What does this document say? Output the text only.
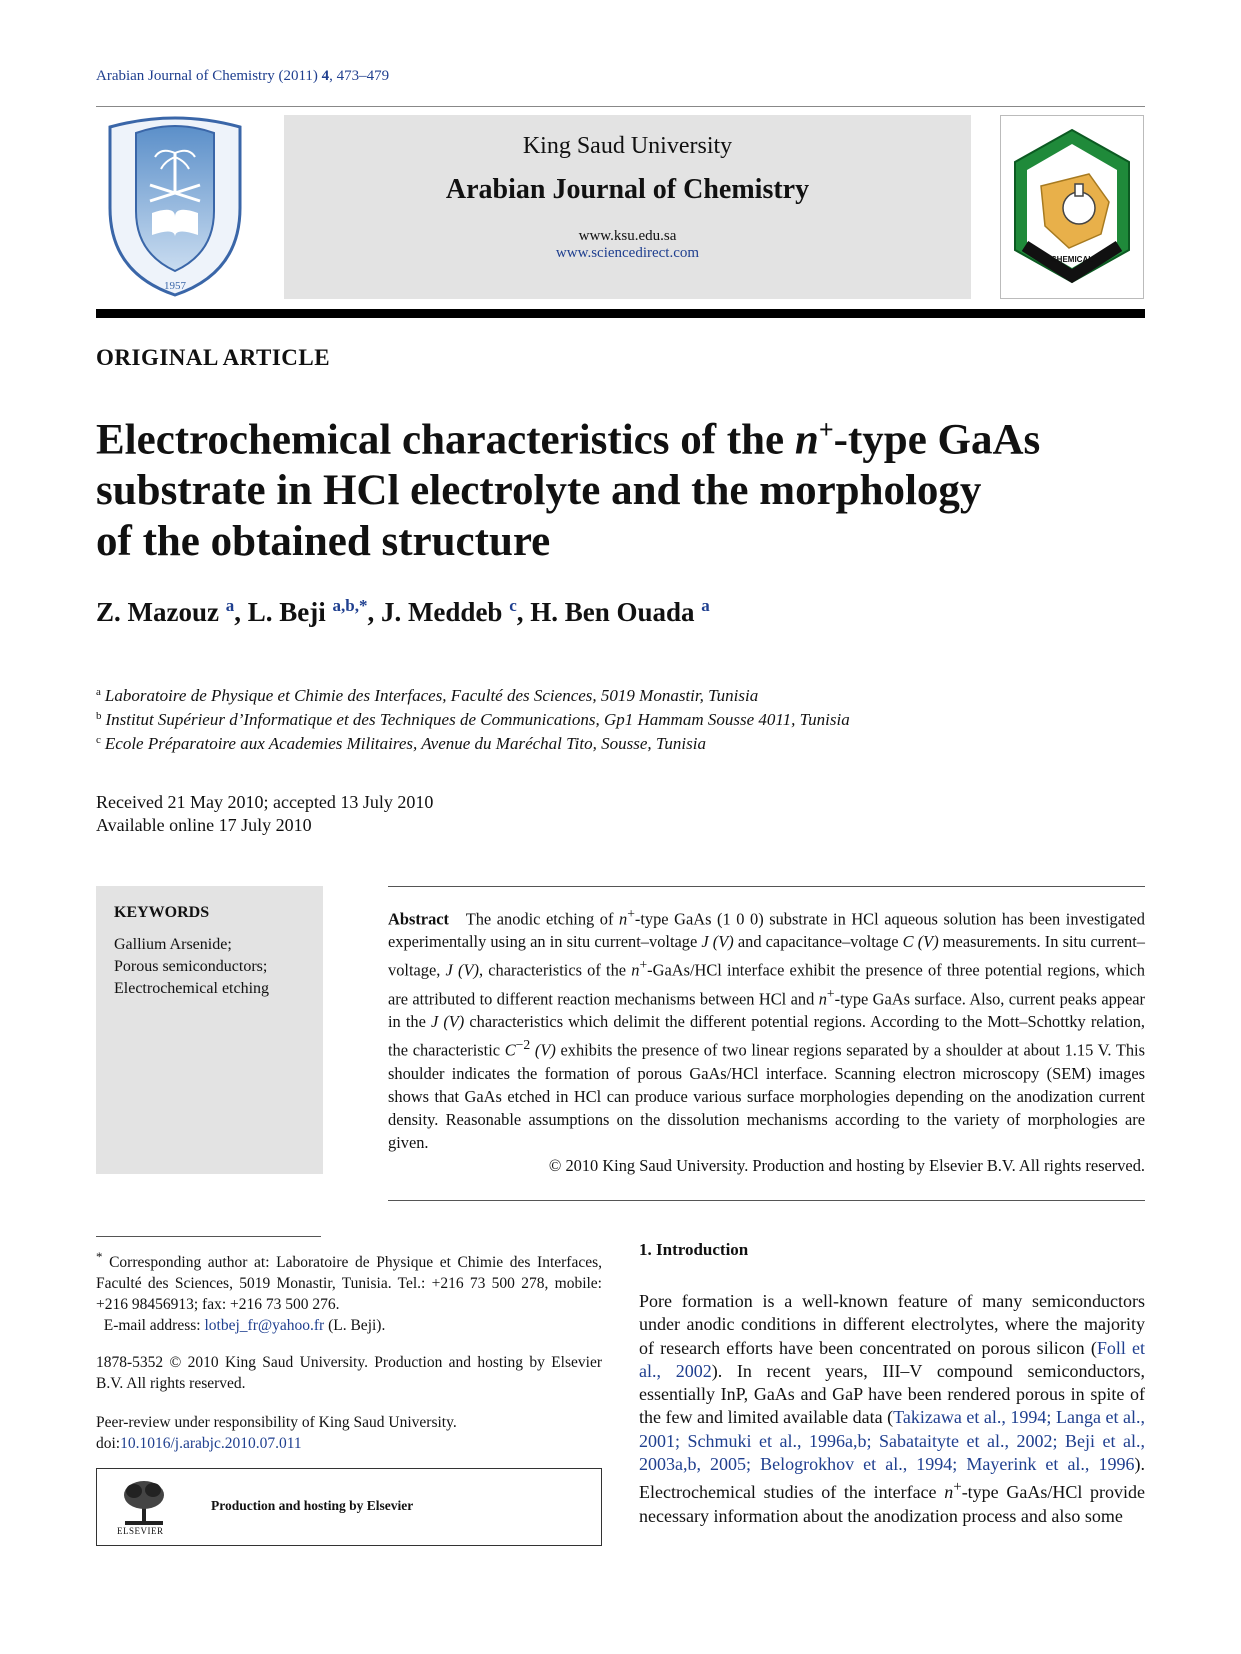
Arabian Journal of Chemistry (2011) 4, 473–479
1957
King Saud University
Arabian Journal of Chemistry
www.ksu.edu.sa
www.sciencedirect.com	CHEMICAL
ORIGINAL ARTICLE
Electrochemical characteristics of the n+-type GaAs
substrate in HCl electrolyte and the morphology
of the obtained structure
Z. Mazouz $^a$, L. Beji $^{a,b,*}$, J. Meddeb $^c$, H. Ben Ouada $^a$
$^a$ Laboratoire de Physique et Chimie des Interfaces, Faculté des Sciences, 5019 Monastir, Tunisia
$^b$ Institut Supérieur d’Informatique et des Techniques de Communications, Gp1 Hammam Sousse 4011, Tunisia
$^c$ Ecole Préparatoire aux Academies Militaires, Avenue du Maréchal Tito, Sousse, Tunisia
Received 21 May 2010; accepted 13 July 2010
Available online 17 July 2010
KEYWORDS
Gallium Arsenide;
Porous semiconductors;
Electrochemical etching
Abstract The anodic etching of n+-type GaAs (1 0 0) substrate in HCl aqueous solution has been investigated experimentally using an in situ current–voltage J (V) and capacitance–voltage C (V) measurements. In situ current–voltage, J (V), characteristics of the n+-GaAs/HCl interface exhibit the presence of three potential regions, which are attributed to different reaction mechanisms between HCl and n+-type GaAs surface. Also, current peaks appear in the J (V) characteristics which delimit the different potential regions. According to the Mott–Schottky relation, the characteristic $C^{-2}$ (V) exhibits the presence of two linear regions separated by a shoulder at about 1.15 V. This shoulder indicates the formation of porous GaAs/HCl interface. Scanning electron microscopy (SEM) images shows that GaAs etched in HCl can produce various surface morphologies depending on the anodization current density. Reasonable assumptions on the dissolution mechanisms according to the variety of morphologies are given.
© 2010 King Saud University. Production and hosting by Elsevier B.V. All rights reserved.
* Corresponding author at: Laboratoire de Physique et Chimie des Interfaces, Faculté des Sciences, 5019 Monastir, Tunisia. Tel.: +216 73 500 278, mobile: +216 98456913; fax: +216 73 500 276.
E-mail address: lotbej_fr@yahoo.fr (L. Beji).
1878-5352 © 2010 King Saud University. Production and hosting by Elsevier B.V. All rights reserved.
Peer-review under responsibility of King Saud University.
doi:10.1016/j.arabjc.2010.07.011
ELSEVIER
Production and hosting by Elsevier
1. Introduction
Pore formation is a well-known feature of many semiconductors under anodic conditions in different electrolytes, where the majority of research efforts have been concentrated on porous silicon (Foll et al., 2002). In recent years, III–V compound semiconductors, essentially InP, GaAs and GaP have been rendered porous in spite of the few and limited available data (Takizawa et al., 1994; Langa et al., 2001; Schmuki et al., 1996a,b; Sabataityte et al., 2002; Beji et al., 2003a,b, 2005; Belogrokhov et al., 1994; Mayerink et al., 1996). Electrochemical studies of the interface n+-type GaAs/HCl provide necessary information about the anodization process and also some
